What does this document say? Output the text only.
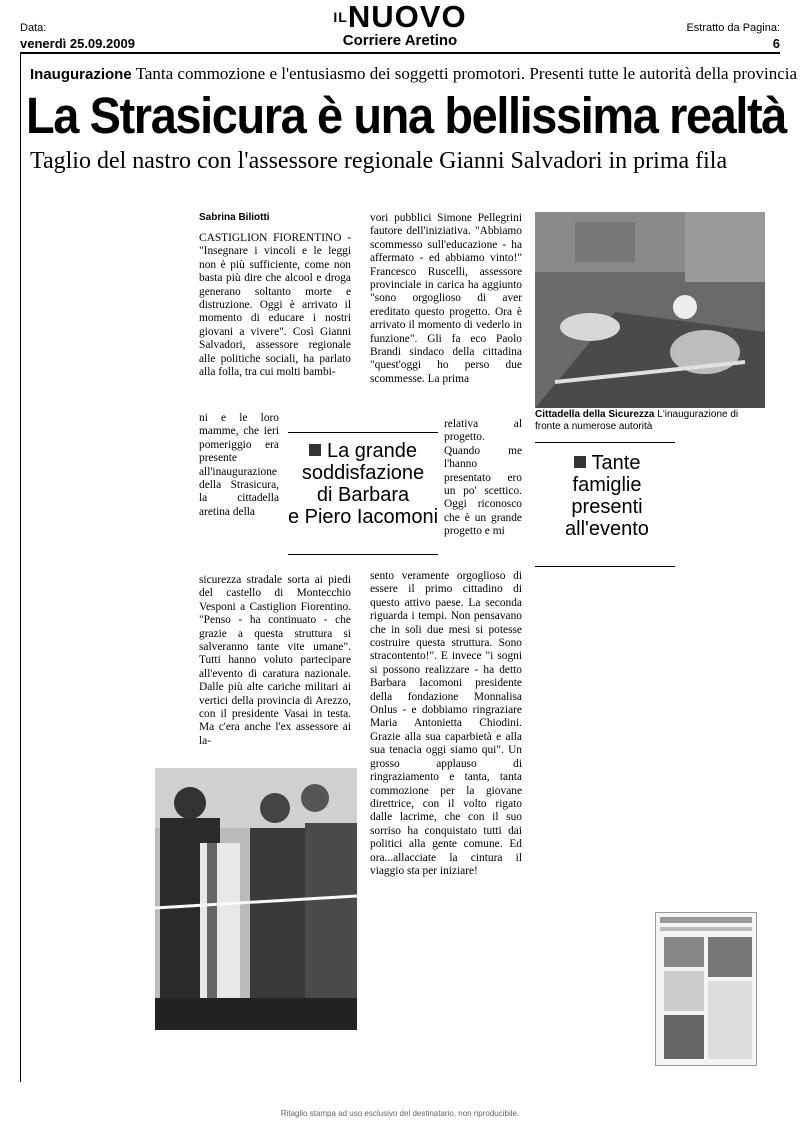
Data:
venerdì 25.09.2009
$^{IL}$NUOVO
Corriere Aretino
Estratto da Pagina:
6
Inaugurazione Tanta commozione e l'entusiasmo dei soggetti promotori. Presenti tutte le autorità della provincia
La Strasicura è una bellissima realtà
Taglio del nastro con l'assessore regionale Gianni Salvadori in prima fila
Sabrina Biliotti
CASTIGLION FIORENTINO - "Insegnare i vincoli e le leggi non è più sufficiente, come non basta più dire che alcool e droga generano soltanto morte e distruzione. Oggi è arrivato il momento di educare i nostri giovani a vivere". Così Gianni Salvadori, assessore regionale alle politiche sociali, ha parlato alla folla, tra cui molti bambi-
ni e le loro mamme, che ieri pomeriggio era presente all'inaugurazione della Strasicura, la cittadella aretina della
sicurezza stradale sorta ai piedi del castello di Montecchio Vesponi a Castiglion Fiorentino. "Penso - ha continuato - che grazie a questa struttura si salveranno tante vite umane". Tutti hanno voluto partecipare all'evento di caratura nazionale. Dalle più alte cariche militari ai vertici della provincia di Arezzo, con il presidente Vasai in testa. Ma c'era anche l'ex assessore ai la-
vori pubblici Simone Pellegrini fautore dell'iniziativa. "Abbiamo scommesso sull'educazione - ha affermato - ed abbiamo vinto!" Francesco Ruscelli, assessore provinciale in carica ha aggiunto "sono orgoglioso di aver ereditato questo progetto. Ora è arrivato il momento di vederlo in funzione". Gli fa eco Paolo Brandi sindaco della cittadina "quest'oggi ho perso due scommesse. La prima
relativa al progetto. Quando me l'hanno presentato ero un po' scettico. Oggi riconosco che è un grande progetto e mi
sento veramente orgoglioso di essere il primo cittadino di questo attivo paese. La seconda riguarda i tempi. Non pensavano che in soli due mesi si potesse costruire questa struttura. Sono stracontento!". E invece "i sogni si possono realizzare - ha detto Barbara Iacomoni presidente della fondazione Monnalisa Onlus - e dobbiamo ringraziare Maria Antonietta Chiodini. Grazie alla sua caparbietà e alla sua tenacia oggi siamo qui". Un grosso applauso di ringraziamento e tanta, tanta commozione per la giovane direttrice, con il volto rigato dalle lacrime, che con il suo sorriso ha conquistato tutti dai politici alla gente comune. Ed ora...allacciate la cintura il viaggio sta per iniziare!
La grande
soddisfazione
di Barbara
e Piero Iacomoni
Cittadella della Sicurezza L'inaugurazione di fronte a numerose autorità
Tante
famiglie
presenti
all'evento
Ritaglio stampa ad uso esclusivo del destinatario, non riproducibile.
